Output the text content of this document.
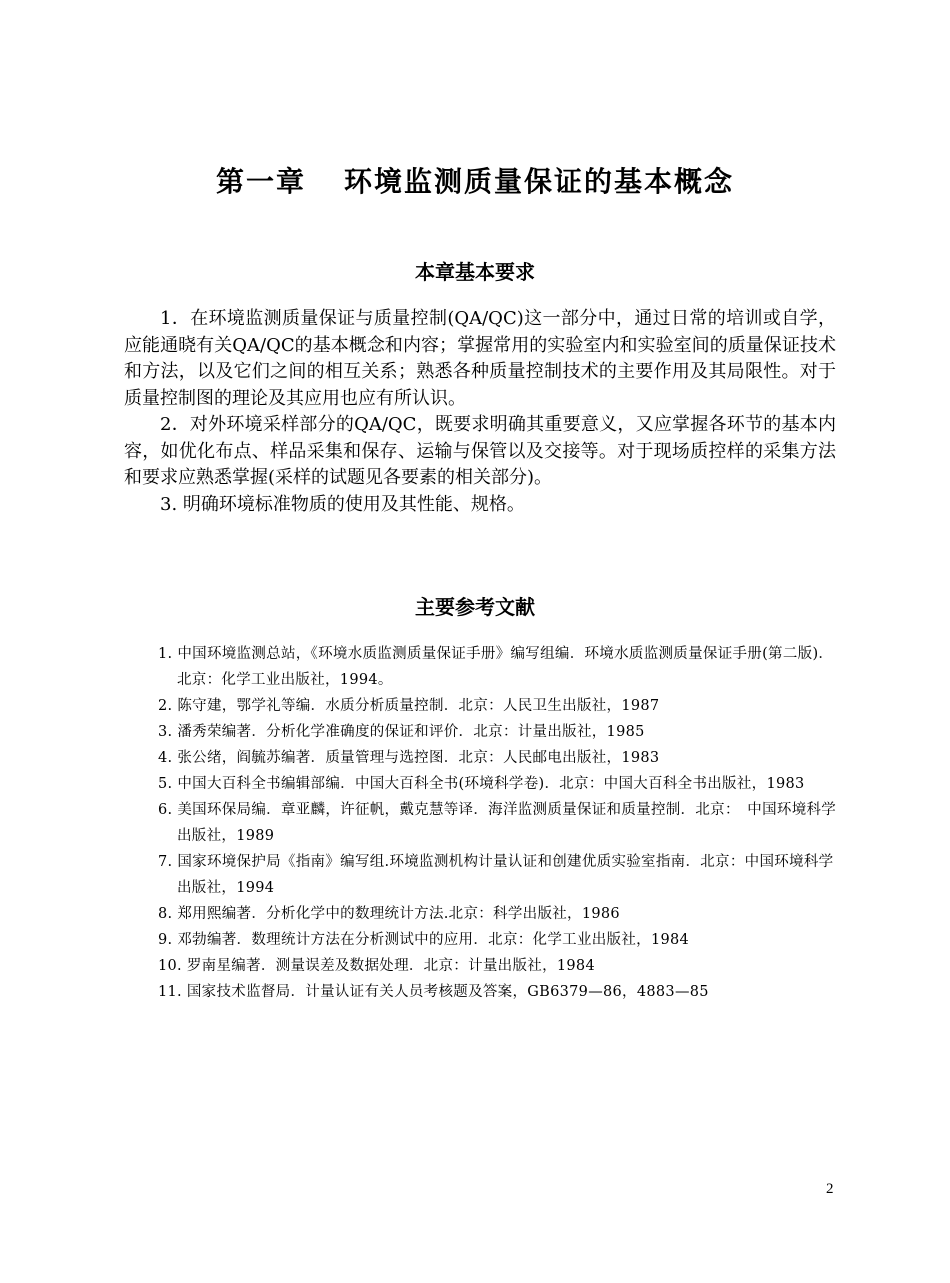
第一章 环境监测质量保证的基本概念
本章基本要求

1．在环境监测质量保证与质量控制(QA/QC)这一部分中，通过日常的培训或自学，应能通晓有关QA/QC的基本概念和内容；掌握常用的实验室内和实验室间的质量保证技术和方法，以及它们之间的相互关系；熟悉各种质量控制技术的主要作用及其局限性。对于质量控制图的理论及其应用也应有所认识。

2．对外环境采样部分的QA/QC，既要求明确其重要意义，又应掌握各环节的基本内容，如优化布点、样品采集和保存、运输与保管以及交接等。对于现场质控样的采集方法和要求应熟悉掌握(采样的试题见各要素的相关部分)。

3. 明确环境标准物质的使用及其性能、规格。

主要参考文献
1. 中国环境监测总站，《环境水质监测质量保证手册》编写组编．环境水质监测质量保证手册(第二版)．北京：化学工业出版社，1994。
2. 陈守建，鄂学礼等编．水质分析质量控制．北京：人民卫生出版社，1987
3. 潘秀荣编著．分析化学准确度的保证和评价．北京：计量出版社，1985
4. 张公绪，阎毓苏编著．质量管理与选控图．北京：人民邮电出版社，1983
5. 中国大百科全书编辑部编．中国大百科全书(环境科学卷)．北京：中国大百科全书出版社，1983
6. 美国环保局编．章亚麟，许征帆，戴克慧等译．海洋监测质量保证和质量控制．北京：　中国环境科学出版社，1989
7. 国家环境保护局《指南》编写组.环境监测机构计量认证和创建优质实验室指南．北京：中国环境科学出版社，1994
8. 郑用熙编著．分析化学中的数理统计方法.北京：科学出版社，1986
9. 邓勃编著．数理统计方法在分析测试中的应用．北京：化学工业出版社，1984
10. 罗南星编著．测量误差及数据处理．北京：计量出版社，1984
11. 国家技术监督局．计量认证有关人员考核题及答案，GB6379—86，4883—85
2
